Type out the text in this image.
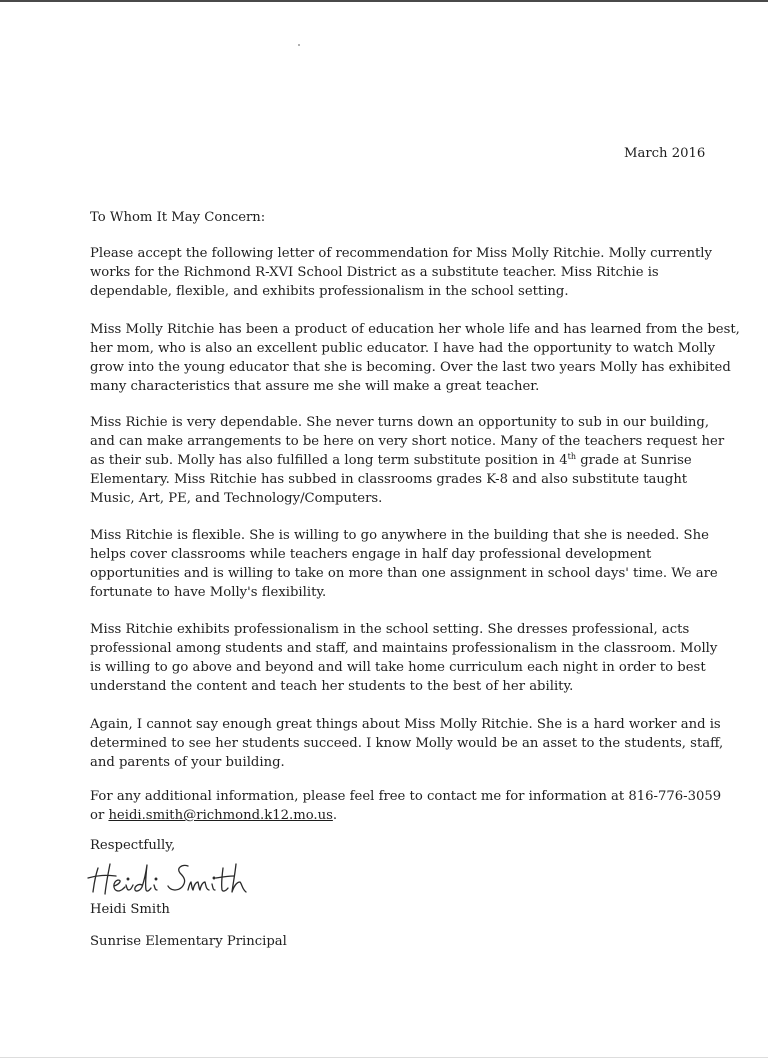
March 2016
To Whom It May Concern:
Please accept the following letter of recommendation for Miss Molly Ritchie. Molly currently
works for the Richmond R-XVI School District as a substitute teacher. Miss Ritchie is
dependable, flexible, and exhibits professionalism in the school setting.
Miss Molly Ritchie has been a product of education her whole life and has learned from the best,
her mom, who is also an excellent public educator. I have had the opportunity to watch Molly
grow into the young educator that she is becoming. Over the last two years Molly has exhibited
many characteristics that assure me she will make a great teacher.
Miss Richie is very dependable. She never turns down an opportunity to sub in our building,
and can make arrangements to be here on very short notice. Many of the teachers request her
as their sub. Molly has also fulfilled a long term substitute position in 4th grade at Sunrise
Elementary. Miss Ritchie has subbed in classrooms grades K-8 and also substitute taught
Music, Art, PE, and Technology/Computers.
Miss Ritchie is flexible. She is willing to go anywhere in the building that she is needed. She
helps cover classrooms while teachers engage in half day professional development
opportunities and is willing to take on more than one assignment in school days' time. We are
fortunate to have Molly's flexibility.
Miss Ritchie exhibits professionalism in the school setting. She dresses professional, acts
professional among students and staff, and maintains professionalism in the classroom. Molly
is willing to go above and beyond and will take home curriculum each night in order to best
understand the content and teach her students to the best of her ability.
Again, I cannot say enough great things about Miss Molly Ritchie. She is a hard worker and is
determined to see her students succeed. I know Molly would be an asset to the students, staff,
and parents of your building.
For any additional information, please feel free to contact me for information at 816-776-3059
or heidi.smith@richmond.k12.mo.us.
Respectfully,
Heidi Smith
Sunrise Elementary Principal
